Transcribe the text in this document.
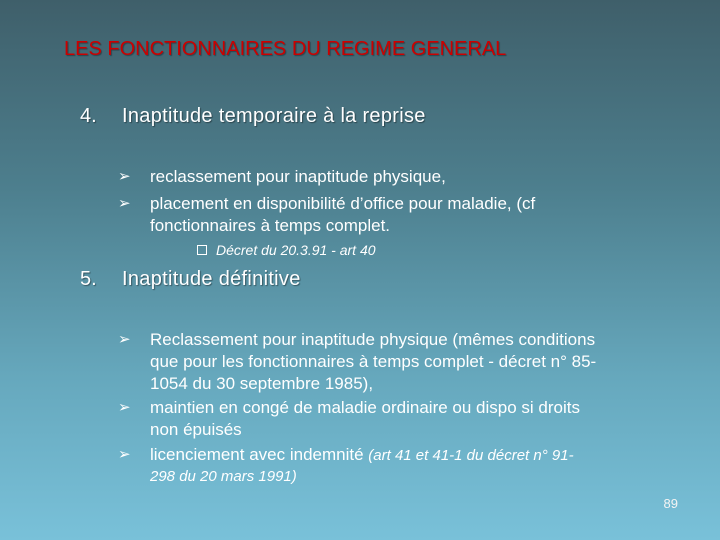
LES FONCTIONNAIRES DU REGIME GENERAL
4. Inaptitude temporaire à la reprise
➢	reclassement pour inaptitude physique,
➢	placement en disponibilité d’office pour maladie, (cf
fonctionnaires à temps complet.
Décret du 20.3.91 - art 40
5. Inaptitude définitive
➢	Reclassement pour inaptitude physique (mêmes conditions
que pour les fonctionnaires à temps complet - décret n° 85-
1054 du 30 septembre 1985),
➢	maintien en congé de maladie ordinaire ou dispo si droits
non épuisés
➢	licenciement avec indemnité (art 41 et 41-1 du décret n° 91-
298 du 20 mars 1991)
89
